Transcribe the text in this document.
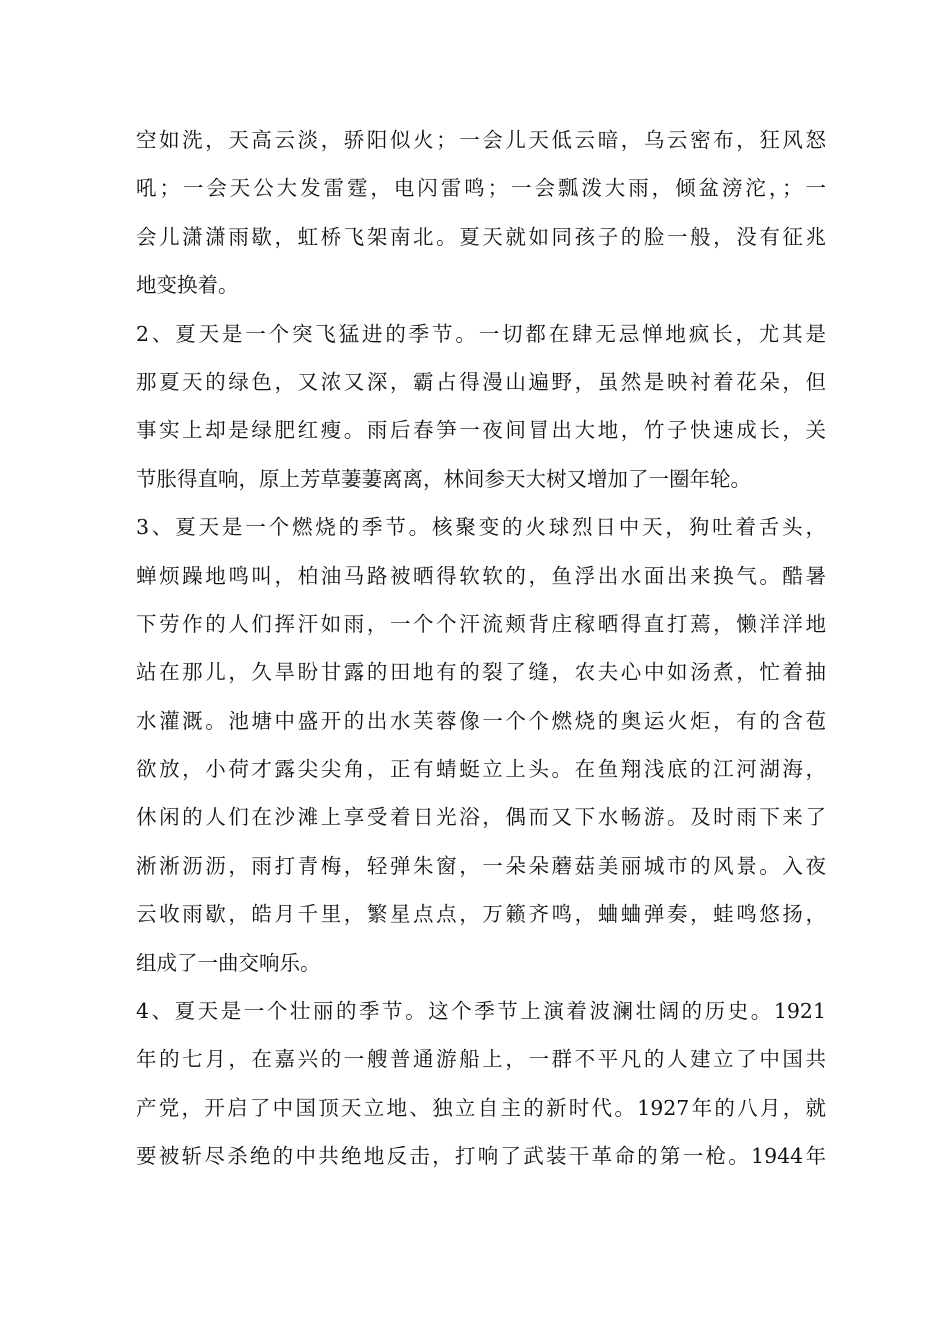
空如洗，天高云淡，骄阳似火；一会儿天低云暗，乌云密布，狂风怒
吼；一会天公大发雷霆，电闪雷鸣；一会瓢泼大雨，倾盆滂沱，；一
会儿潇潇雨歇，虹桥飞架南北。夏天就如同孩子的脸一般，没有征兆
地变换着。
2、夏天是一个突飞猛进的季节。一切都在肆无忌惮地疯长，尤其是
那夏天的绿色，又浓又深，霸占得漫山遍野，虽然是映衬着花朵，但
事实上却是绿肥红瘦。雨后春笋一夜间冒出大地，竹子快速成长，关
节胀得直响，原上芳草萋萋离离，林间参天大树又增加了一圈年轮。
3、夏天是一个燃烧的季节。核聚变的火球烈日中天，狗吐着舌头，
蝉烦躁地鸣叫，柏油马路被晒得软软的，鱼浮出水面出来换气。酷暑
下劳作的人们挥汗如雨，一个个汗流颊背庄稼晒得直打蔫，懒洋洋地
站在那儿，久旱盼甘露的田地有的裂了缝，农夫心中如汤煮，忙着抽
水灌溉。池塘中盛开的出水芙蓉像一个个燃烧的奥运火炬，有的含苞
欲放，小荷才露尖尖角，正有蜻蜓立上头。在鱼翔浅底的江河湖海，
休闲的人们在沙滩上享受着日光浴，偶而又下水畅游。及时雨下来了
淅淅沥沥，雨打青梅，轻弹朱窗，一朵朵蘑菇美丽城市的风景。入夜
云收雨歇，皓月千里，繁星点点，万籁齐鸣，蛐蛐弹奏，蛙鸣悠扬，
组成了一曲交响乐。
4、夏天是一个壮丽的季节。这个季节上演着波澜壮阔的历史。1921
年的七月，在嘉兴的一艘普通游船上，一群不平凡的人建立了中国共
产党，开启了中国顶天立地、独立自主的新时代。1927年的八月，就
要被斩尽杀绝的中共绝地反击，打响了武装干革命的第一枪。1944年
